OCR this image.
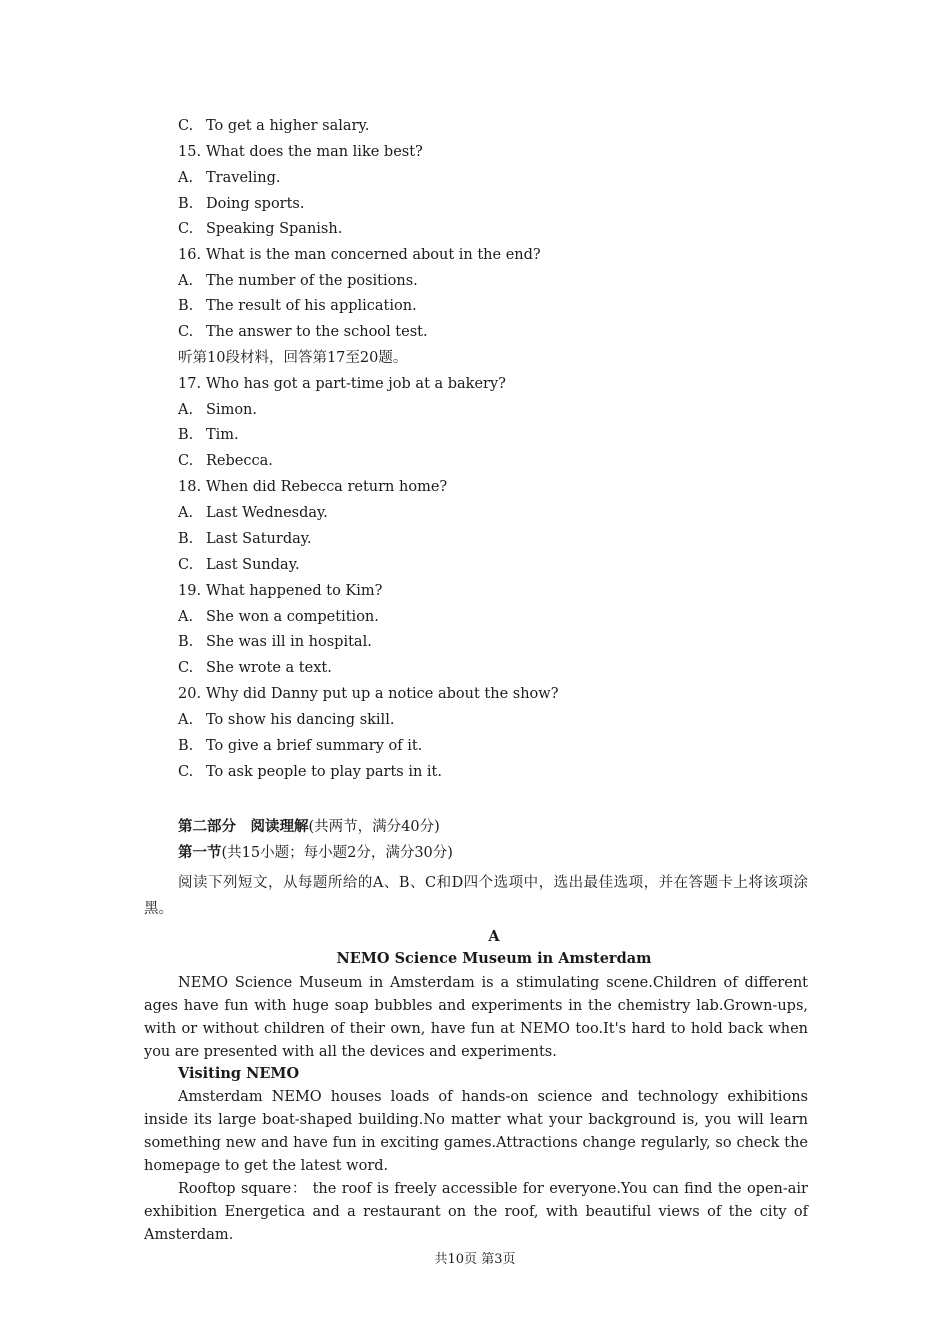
C. To get a higher salary.
15. What does the man like best?
A. Traveling.
B. Doing sports.
C. Speaking Spanish.
16. What is the man concerned about in the end?
A. The number of the positions.
B. The result of his application.
C. The answer to the school test.
听第10段材料，回答第17至20题。
17. Who has got a part-time job at a bakery?
A. Simon.
B. Tim.
C. Rebecca.
18. When did Rebecca return home?
A. Last Wednesday.
B. Last Saturday.
C. Last Sunday.
19. What happened to Kim?
A. She won a competition.
B. She was ill in hospital.
C. She wrote a text.
20. Why did Danny put up a notice about the show?
A. To show his dancing skill.
B. To give a brief summary of it.
C. To ask people to play parts in it.
第二部分　阅读理解(共两节，满分40分)
第一节(共15小题；每小题2分，满分30分)
阅读下列短文，从每题所给的A、B、C和D四个选项中，选出最佳选项，并在答题卡上将该项涂黑。
A
NEMO Science Museum in Amsterdam
NEMO Science Museum in Amsterdam is a stimulating scene.Children of different ages have fun with huge soap bubbles and experiments in the chemistry lab.Grown-ups, with or without children of their own, have fun at NEMO too.It's hard to hold back when you are presented with all the devices and experiments.
Visiting NEMO
Amsterdam NEMO houses loads of hands-on science and technology exhibitions inside its large boat-shaped building.No matter what your background is, you will learn something new and have fun in exciting games.Attractions change regularly, so check the homepage to get the latest word.
Rooftop square： the roof is freely accessible for everyone.You can find the open-air exhibition Energetica and a restaurant on the roof, with beautiful views of the city of Amsterdam.
共10页 第3页
